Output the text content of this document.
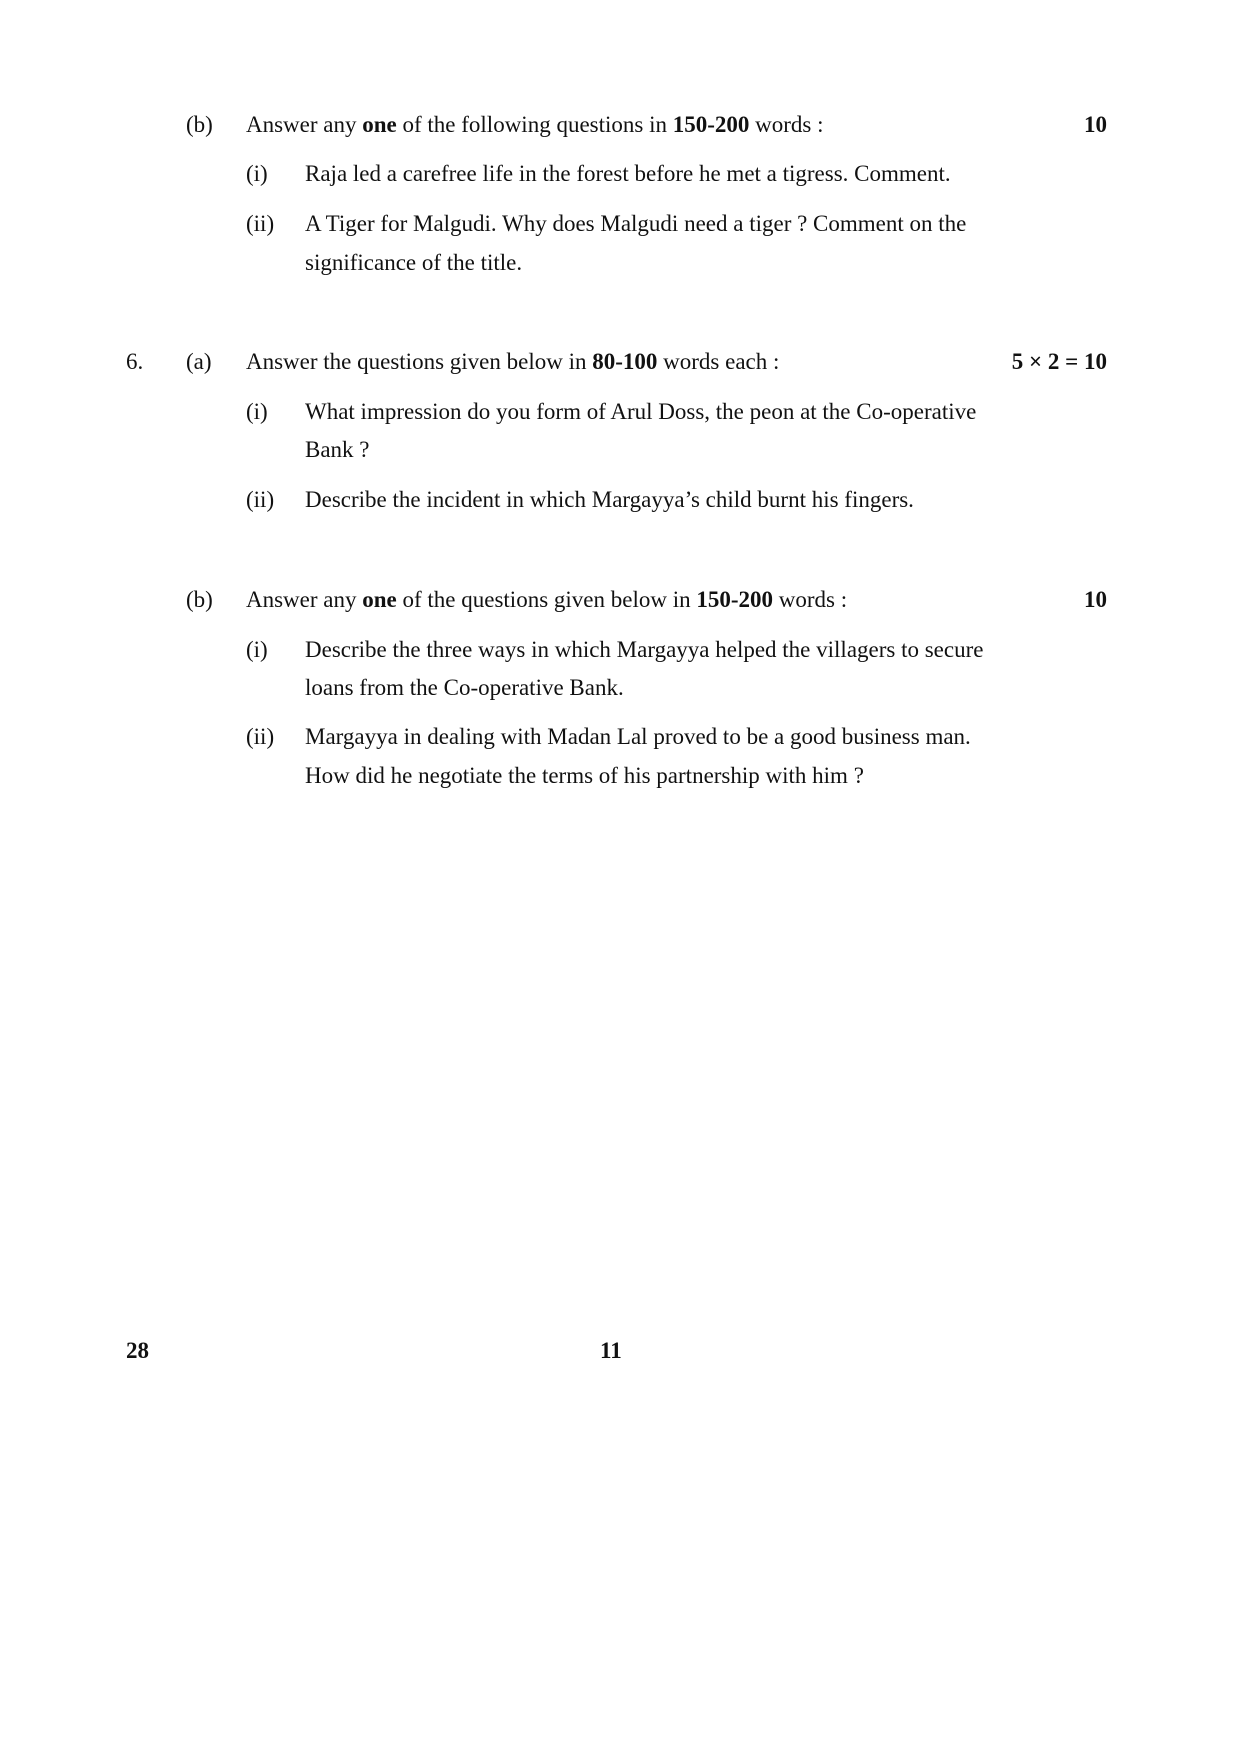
(b) Answer any one of the following questions in 150-200 words :	10
(i) Raja led a carefree life in the forest before he met a tigress. Comment.
(ii) A Tiger for Malgudi. Why does Malgudi need a tiger ? Comment on the
significance of the title.
6. (a) Answer the questions given below in 80-100 words each :	5 × 2 = 10
(i) What impression do you form of Arul Doss, the peon at the Co-operative
Bank ?
(ii) Describe the incident in which Margayya’s child burnt his fingers.
(b) Answer any one of the questions given below in 150-200 words :	10
(i) Describe the three ways in which Margayya helped the villagers to secure
loans from the Co-operative Bank.
(ii) Margayya in dealing with Madan Lal proved to be a good business man.
How did he negotiate the terms of his partnership with him ?
28	11
